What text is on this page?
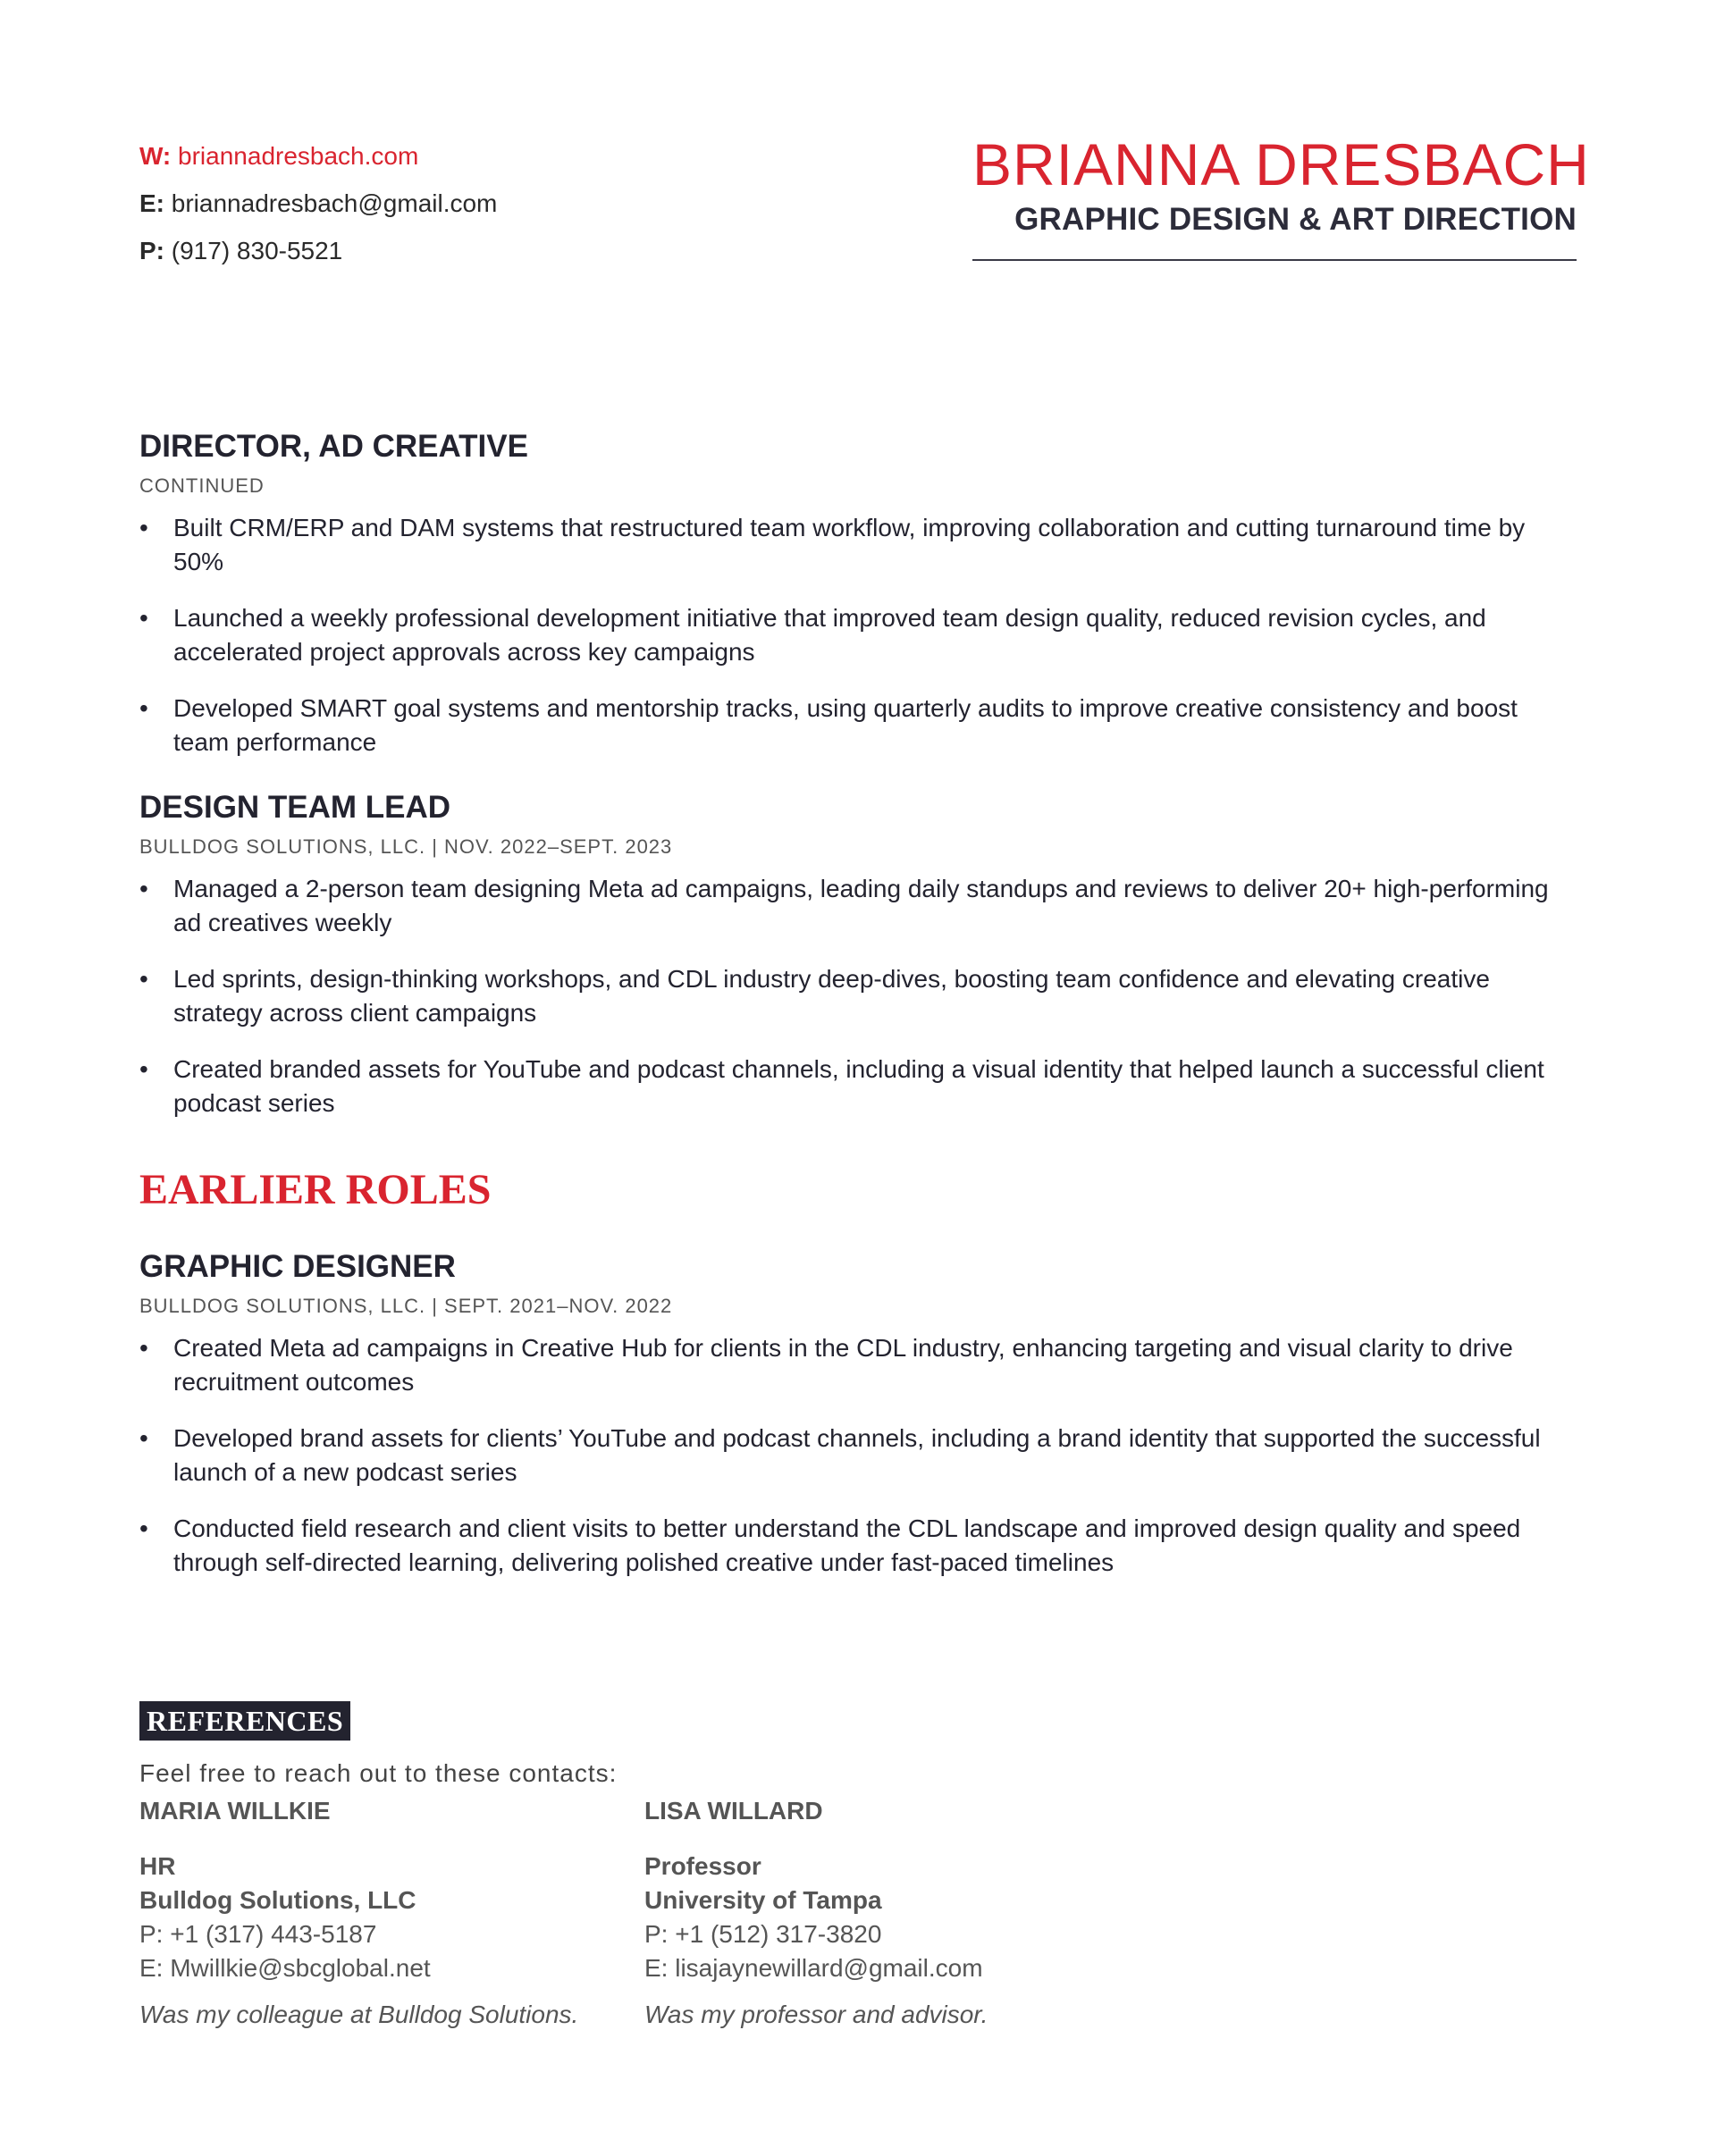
W: briannadresbach.com
E: briannadresbach@gmail.com
P: (917) 830-5521
BRIANNA DRESBACH
GRAPHIC DESIGN & ART DIRECTION
DIRECTOR, AD CREATIVE
CONTINUED
• Built CRM/ERP and DAM systems that restructured team workflow, improving collaboration and cutting turnaround time by 50%
• Launched a weekly professional development initiative that improved team design quality, reduced revision cycles, and accelerated project approvals across key campaigns
• Developed SMART goal systems and mentorship tracks, using quarterly audits to improve creative consistency and boost team performance
DESIGN TEAM LEAD
BULLDOG SOLUTIONS, LLC. | NOV. 2022–SEPT. 2023
• Managed a 2-person team designing Meta ad campaigns, leading daily standups and reviews to deliver 20+ high-performing ad creatives weekly
• Led sprints, design-thinking workshops, and CDL industry deep-dives, boosting team confidence and elevating creative strategy across client campaigns
• Created branded assets for YouTube and podcast channels, including a visual identity that helped launch a successful client podcast series
EARLIER ROLES
GRAPHIC DESIGNER
BULLDOG SOLUTIONS, LLC. | SEPT. 2021–NOV. 2022
• Created Meta ad campaigns in Creative Hub for clients in the CDL industry, enhancing targeting and visual clarity to drive recruitment outcomes
• Developed brand assets for clients’ YouTube and podcast channels, including a brand identity that supported the successful launch of a new podcast series
• Conducted field research and client visits to better understand the CDL landscape and improved design quality and speed through self-directed learning, delivering polished creative under fast-paced timelines
REFERENCES
Feel free to reach out to these contacts:
MARIA WILLKIE
HR
Bulldog Solutions, LLC
P: +1 (317) 443-5187
E: Mwillkie@sbcglobal.net
Was my colleague at Bulldog Solutions.
LISA WILLARD
Professor
University of Tampa
P: +1 (512) 317-3820
E: lisajaynewillard@gmail.com
Was my professor and advisor.
